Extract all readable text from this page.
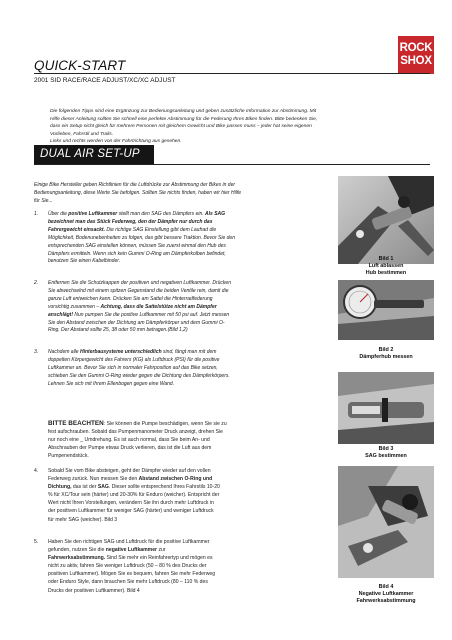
ROCK
SHOX
QUICK-START
2001 SID RACE/RACE ADJUST/XC/XC ADJUST
Die folgenden Tipps sind eine Ergänzung zur Bedienungsanleitung und geben zusätzliche Information zur Abstimmung. Mit
Hilfe dieser Anleitung sollten Sie schnell eine perfekte Abstimmung für die Federung Ihres Bikes finden. Bitte bedenken Sie,
dass ein Setup nicht gleich für mehrere Personen mit gleichem Gewicht und Bike passen muss – jeder hat seine eigenen
Vorlieben, Fahrstil und Trails.
Links und rechts werden von der Fahrtrichtung aus gesehen.
DUAL AIR SET-UP
Einige Bike Hersteller geben Richtlinien für die Luftdrücke zur Abstimmung der Bikes in der
Bedienungsanleitung, diese Werte Sie befolgen. Sollten Sie nichts finden, haben wir hier Hilfe
für Sie...
1. Über die positive Luftkammer stellt man den SAG des Dämpfers ein. Als SAG
bezeichnet man das Stück Federweg, den der Dämpfer nur durch das
Fahrergewicht einsackt. Die richtige SAG Einstellung gibt dem Laufrad die
Möglichkeit, Bodenunebenheiten zu folgen, das gibt bessere Traktion. Bevor Sie den
entsprechenden SAG einstellen können, müssen Sie zuerst einmal den Hub des
Dämpfers ermitteln. Wenn sich kein Gummi O-Ring am Dämpferkolben befindet,
benutzen Sie einen Kabelbinder.
2. Entfernen Sie die Schutzkappen der positiven und negativen Luftkammer. Drücken
Sie abwechselnd mit einem spitzen Gegenstand die beiden Ventile rein, damit die
ganze Luft entweichen kann. Drücken Sie am Sattel die Hinterradfederung
vorsichtig zusammen – Achtung, dass die Sattelstütze nicht am Dämpfer
anschlägt! Nun pumpen Sie die positive Luftkammer mit 50 psi auf. Jetzt messen
Sie den Abstand zwischen der Dichtung am Dämpferkörper und dem Gummi O-
Ring. Der Abstand sollte 25, 38 oder 50 mm betragen.(Bild 1,2)
3. Nachdem alle Hinterbausysteme unterschiedlich sind, fängt man mit dem
doppelten Körpergewicht des Fahrers (KG) als Luftdruck (PSI) für die positive
Luftkammer an. Bevor Sie sich in normaler Fahrposition auf das Bike setzen,
schieben Sie den Gummi O-Ring wieder gegen die Dichtung des Dämpferkörpers.
Lehnen Sie sich mit Ihrem Ellenbogen gegen eine Wand.
BITTE BEACHTEN: Sie können die Pumpe beschädigen, wenn Sie sie zu
fest aufschrauben. Sobald das Pumpenmanometer Druck anzeigt, drehen Sie
nur noch eine _ Umdrehung. Es ist auch normal, dass Sie beim An- und
Abschrauben der Pumpe etwas Druck verlieren, das ist die Luft aus dem
Pumpenendstück.
4. Sobald Sie vom Bike absteigen, geht der Dämpfer wieder auf den vollen
Federweg zurück. Nun messen Sie den Abstand zwischen O-Ring und
Dichtung, das ist der SAG. Dieser sollte entsprechend Ihres Fahrstils 10-20
% für XC/Tour sein (härter) und 20-30% für Enduro (weicher). Entspricht der
Wert nicht Ihren Vorstellungen, verändern Sie ihn durch mehr Luftdruck in
der positiven Luftkammer für weniger SAG (härter) und weniger Luftdruck
für mehr SAG (weicher). Bild 3
5. Haben Sie den richtigen SAG und Luftdruck für die positive Luftkammer
gefunden, nutzen Sie die negative Luftkammer zur
Fahrwerksabstimmung. Sind Sie mehr ein Reinfahrertyp und mögen es
nicht zu aktiv, fahren Sie weniger Luftdruck (50 – 80 % des Drucks der
positiven Luftkammer). Mögen Sie es bequem, fahren Sie mehr Federweg
oder Enduro Style, dann brauchen Sie mehr Luftdruck (80 – 110 % des
Drucks der positiven Luftkammer). Bild 4
Bild 1
Luft ablassen
Hub bestimmen
Bild 2
Dämpferhub messen
Bild 3
SAG bestimmen
Bild 4
Negative Luftkammer
Fahrwerksabstimmung
